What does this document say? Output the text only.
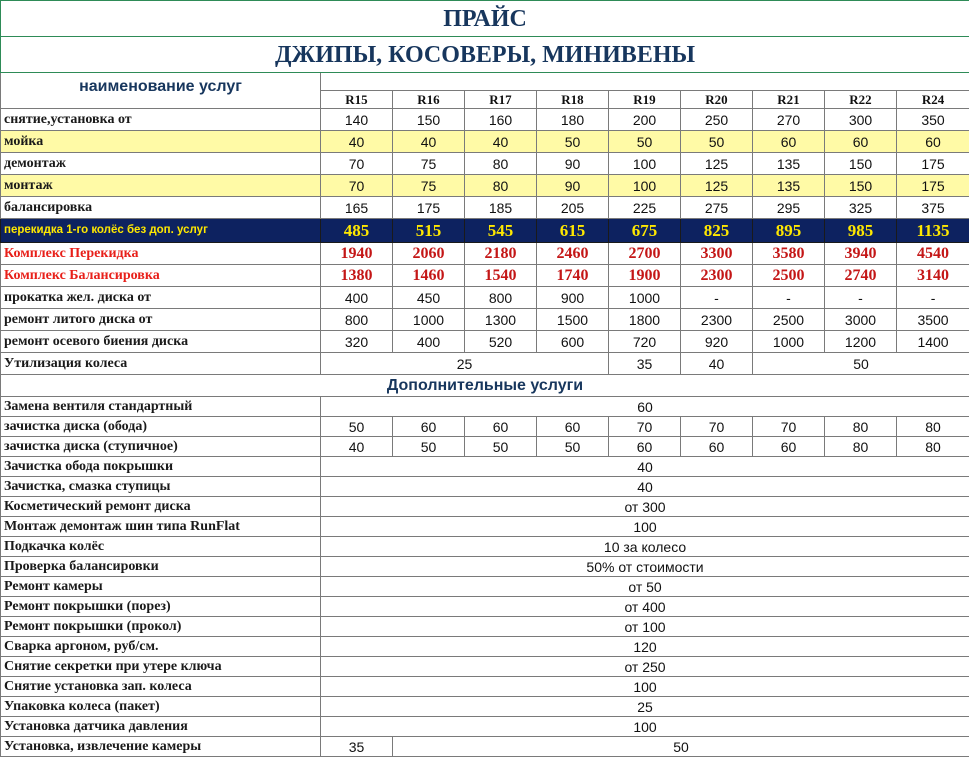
ПРАЙС									
ДЖИПЫ, КОСОВЕРЫ, МИНИВЕНЫ									
наименование услуг									
	R15	R16	R17	R18	R19	R20	R21	R22	R24
снятие,установка от	140	150	160	180	200	250	270	300	350
мойка	40	40	40	50	50	50	60	60	60
демонтаж	70	75	80	90	100	125	135	150	175
монтаж	70	75	80	90	100	125	135	150	175
балансировка	165	175	185	205	225	275	295	325	375
перекидка 1-го колёс без доп. услуг	485	515	545	615	675	825	895	985	1135
Комплекс Перекидка	1940	2060	2180	2460	2700	3300	3580	3940	4540
Комплекс Балансировка	1380	1460	1540	1740	1900	2300	2500	2740	3140
прокатка жел. диска от	400	450	800	900	1000	-	-	-	-
ремонт литого диска от	800	1000	1300	1500	1800	2300	2500	3000	3500
ремонт осевого биения диска	320	400	520	600	720	920	1000	1200	1400
Утилизация колеса	25				35	40	50		
Дополнительные услуги									
Замена вентиля стандартный	60								
зачистка диска (обода)	50	60	60	60	70	70	70	80	80
зачистка диска (ступичное)	40	50	50	50	60	60	60	80	80
Зачистка обода покрышки	40								
Зачистка, смазка ступицы	40								
Косметический ремонт диска	от 300								
Монтаж демонтаж шин типа RunFlat	100								
Подкачка колёс	10 за колесо								
Проверка балансировки	50% от стоимости								
Ремонт камеры	от 50								
Ремонт покрышки (порез)	от 400								
Ремонт покрышки (прокол)	от 100								
Сварка аргоном, руб/см.	120								
Снятие секретки при утере ключа	от 250								
Снятие установка зап. колеса	100								
Упаковка колеса (пакет)	25								
Установка датчика давления	100								
Установка, извлечение камеры	35	50							
